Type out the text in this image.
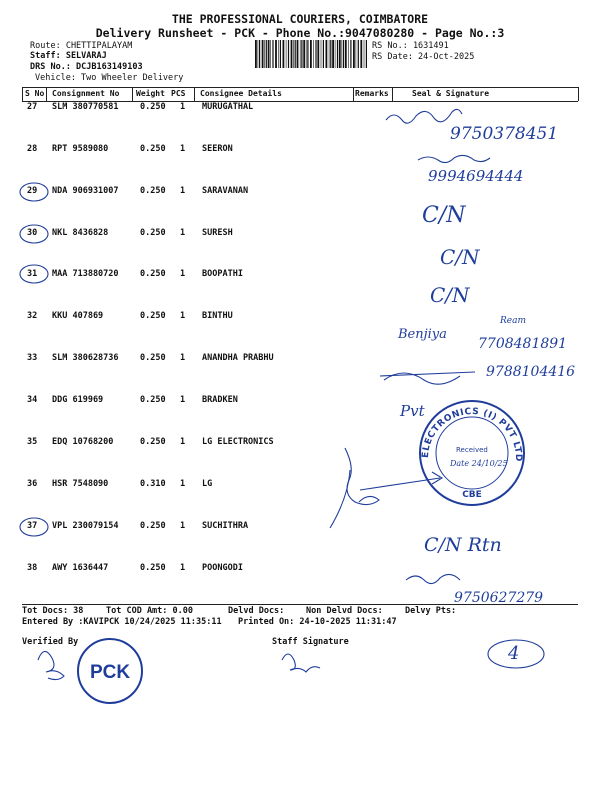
THE PROFESSIONAL COURIERS, COIMBATORE
Delivery Runsheet - PCK - Phone No.:9047080280 - Page No.:3
Route: CHETTIPALAYAM
Staff: SELVARAJ
DRS No.: DCJB163149103
Vehicle: Two Wheeler Delivery
RS No.: 1631491
RS Date: 24-Oct-2025
S No Consignment No Weight PCS Consignee Details	Remarks	Seal & Signature
27 SLM 380770581	0.250 1 MURUGATHAL
28 RPT 9589080	0.250 1 SEERON
29 NDA 906931007	0.250 1 SARAVANAN
30 NKL 8436828	0.250 1 SURESH
31 MAA 713880720	0.250 1 BOOPATHI
32 KKU 407869	0.250 1 BINTHU
33 SLM 380628736	0.250 1 ANANDHA PRABHU
34 DDG 619969	0.250 1 BRADKEN
35 EDQ 10768200	0.250 1 LG ELECTRONICS
36 HSR 7548090	0.310 1 LG
37 VPL 230079154	0.250 1 SUCHITHRA
38 AWY 1636447	0.250 1 POONGODI
Tot Docs: 38	Tot COD Amt: 0.00	Delvd Docs:	Non Delvd Docs:	Delvy Pts:
Entered By :KAVIPCK 10/24/2025 11:35:11 Printed On: 24-10-2025 11:31:47
Verified By	Staff Signature
PCK
ELECTRONICS (I) PVT LTD
CBE
Received
Date 24/10/25
9750378451
9994694444
C/N
C/N
C/N
Benjiya
Ream
7708481891
9788104416
Pvt
C/N Rtn
9750627279
4
